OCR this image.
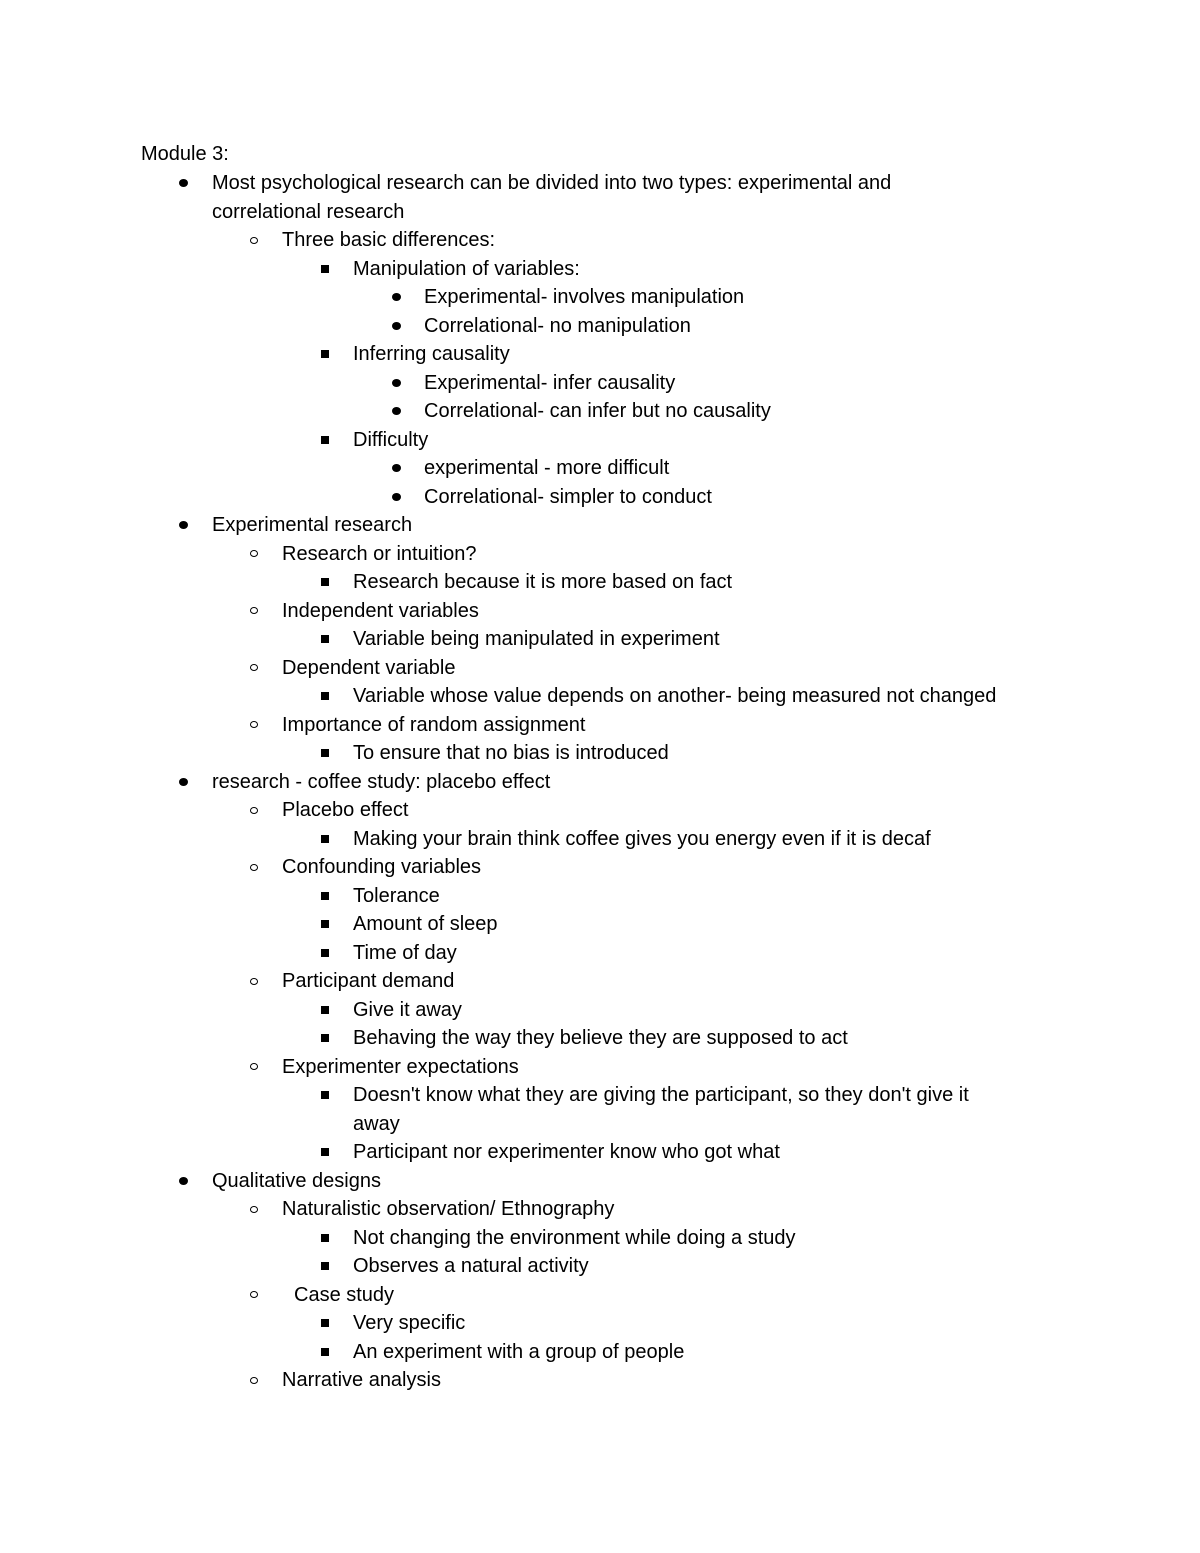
Module 3:
Most psychological research can be divided into two types: experimental and
correlational research
Three basic differences:
Manipulation of variables:
Experimental- involves manipulation
Correlational- no manipulation
Inferring causality
Experimental- infer causality
Correlational- can infer but no causality
Difficulty
experimental - more difficult
Correlational- simpler to conduct
Experimental research
Research or intuition?
Research because it is more based on fact
Independent variables
Variable being manipulated in experiment
Dependent variable
Variable whose value depends on another- being measured not changed
Importance of random assignment
To ensure that no bias is introduced
research - coffee study: placebo effect
Placebo effect
Making your brain think coffee gives you energy even if it is decaf
Confounding variables
Tolerance
Amount of sleep
Time of day
Participant demand
Give it away
Behaving the way they believe they are supposed to act
Experimenter expectations
Doesn't know what they are giving the participant, so they don't give it
away
Participant nor experimenter know who got what
Qualitative designs
Naturalistic observation/ Ethnography
Not changing the environment while doing a study
Observes a natural activity
Case study
Very specific
An experiment with a group of people
Narrative analysis
